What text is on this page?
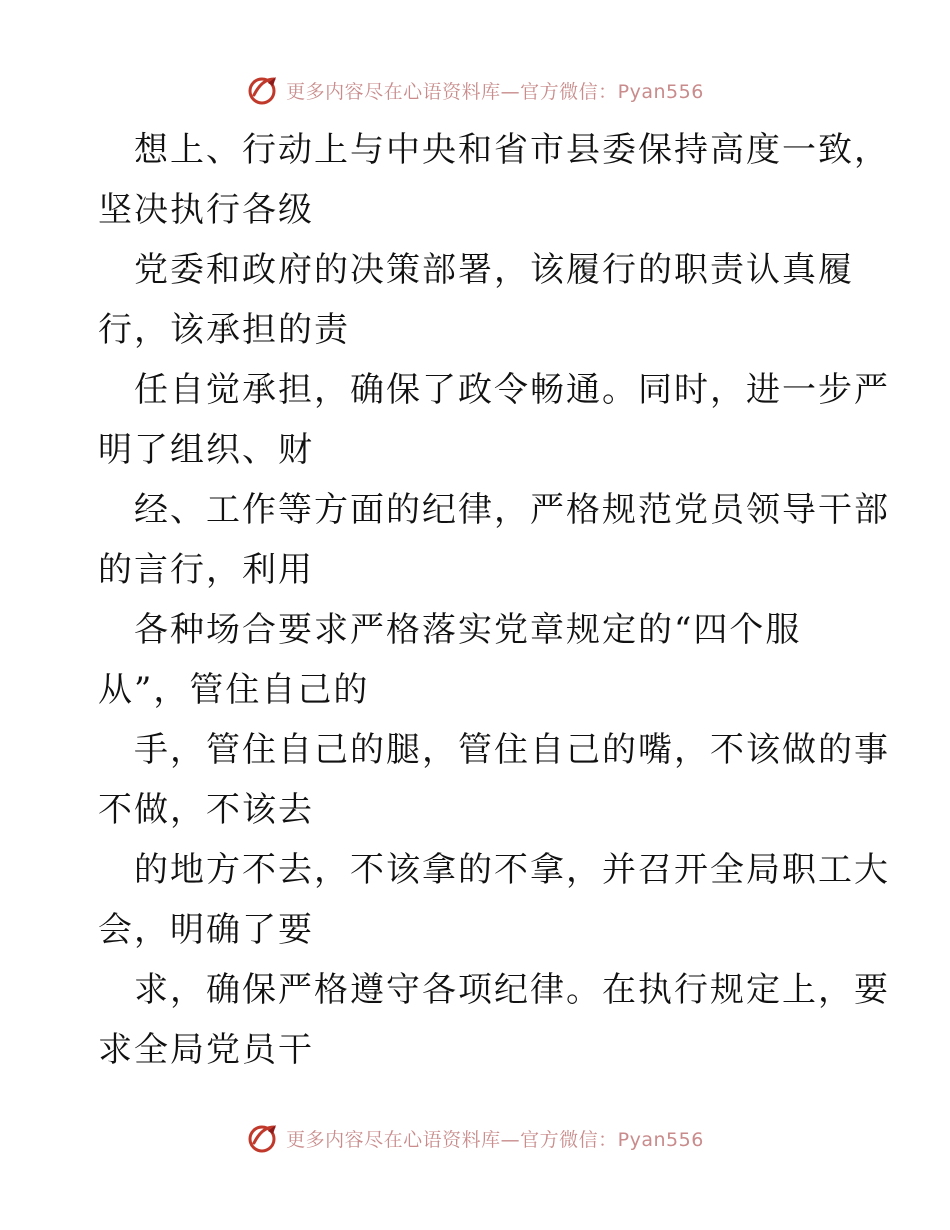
更多内容尽在心语资料库—官方微信：Pyan556
想上、行动上与中央和省市县委保持高度一致，
坚决执行各级
党委和政府的决策部署，该履行的职责认真履
行，该承担的责
任自觉承担，确保了政令畅通。同时，进一步严
明了组织、财
经、工作等方面的纪律，严格规范党员领导干部
的言行，利用
各种场合要求严格落实党章规定的“四个服
从”，管住自己的
手，管住自己的腿，管住自己的嘴，不该做的事
不做，不该去
的地方不去，不该拿的不拿，并召开全局职工大
会，明确了要
求，确保严格遵守各项纪律。在执行规定上，要
求全局党员干
更多内容尽在心语资料库—官方微信：Pyan556
